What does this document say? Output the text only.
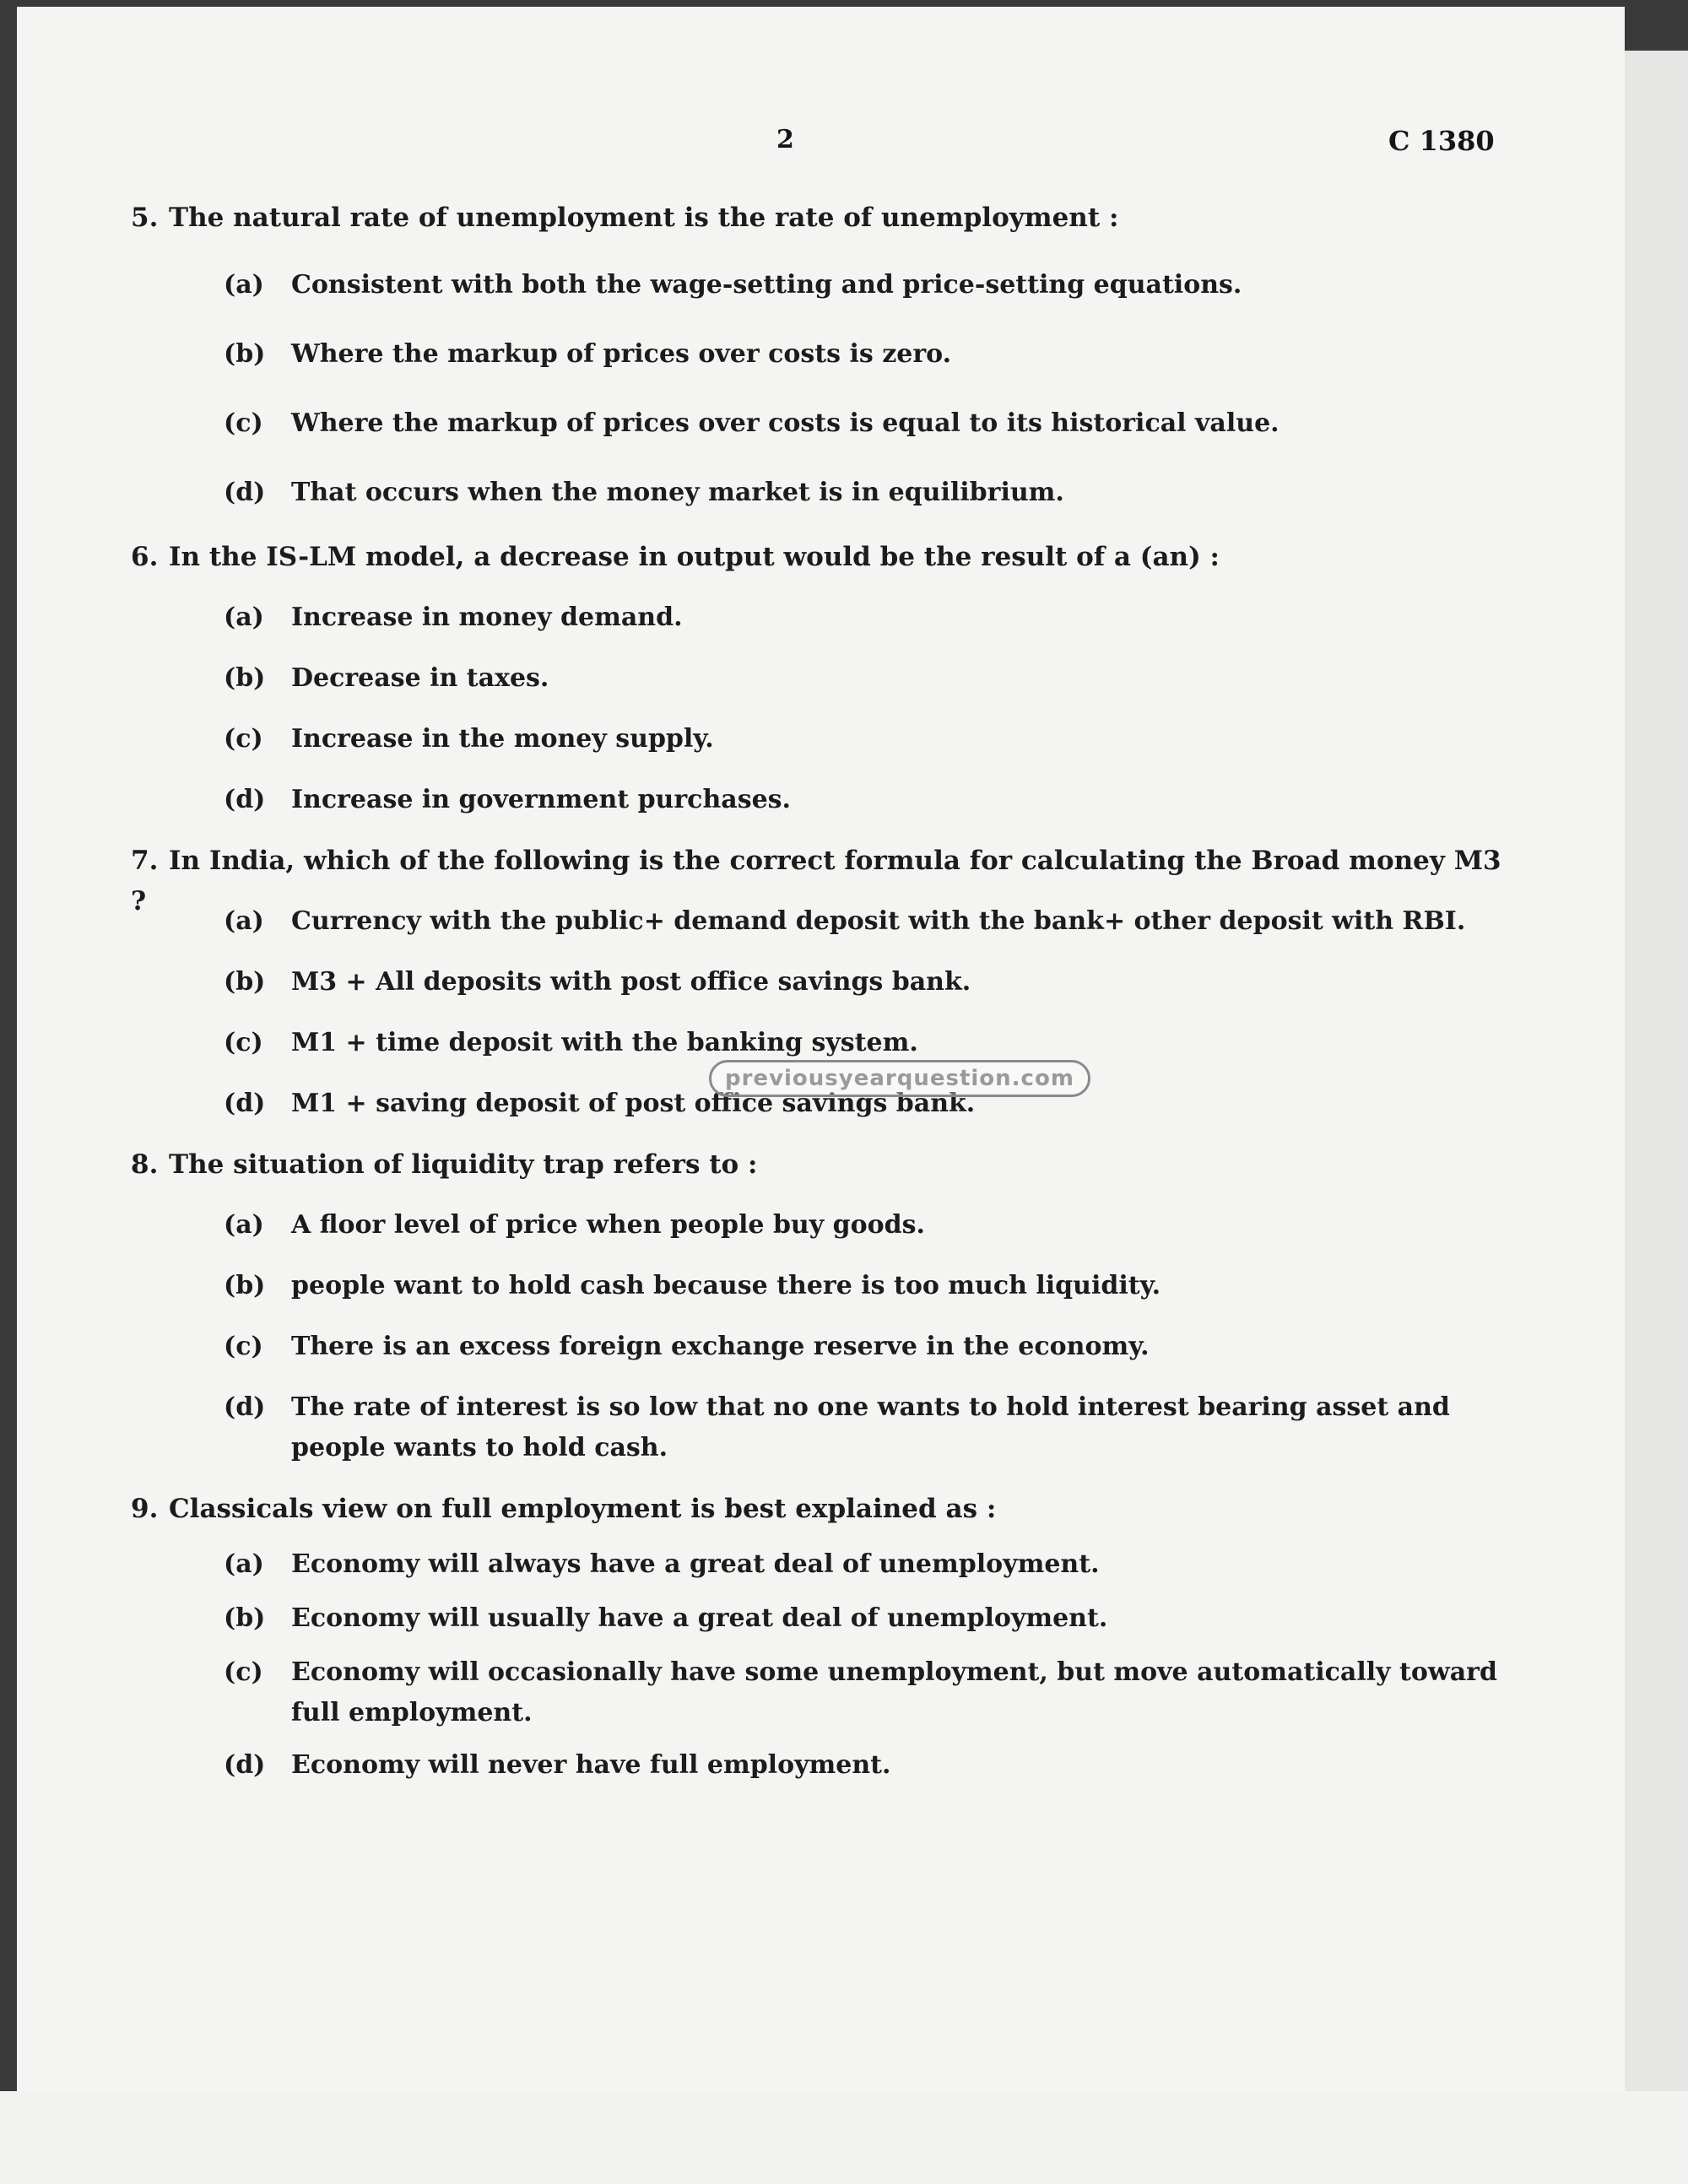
2	C 1380
5. The natural rate of unemployment is the rate of unemployment :
(a) Consistent with both the wage-setting and price-setting equations.
(b) Where the markup of prices over costs is zero.
(c) Where the markup of prices over costs is equal to its historical value.
(d) That occurs when the money market is in equilibrium.
6. In the IS-LM model, a decrease in output would be the result of a (an) :
(a) Increase in money demand.
(b) Decrease in taxes.
(c) Increase in the money supply.
(d) Increase in government purchases.
7. In India, which of the following is the correct formula for calculating the Broad money M3 ?
(a) Currency with the public+ demand deposit with the bank+ other deposit with RBI.
(b) M3 + All deposits with post office savings bank.
(c) M1 + time deposit with the banking system.
(d) M1 + saving deposit of post office savings bank.
previousyearquestion.com
8. The situation of liquidity trap refers to :
(a) A floor level of price when people buy goods.
(b) people want to hold cash because there is too much liquidity.
(c) There is an excess foreign exchange reserve in the economy.
(d) The rate of interest is so low that no one wants to hold interest bearing asset and people wants to hold cash.
9. Classicals view on full employment is best explained as :
(a) Economy will always have a great deal of unemployment.
(b) Economy will usually have a great deal of unemployment.
(c) Economy will occasionally have some unemployment, but move automatically toward full employment.
(d) Economy will never have full employment.
